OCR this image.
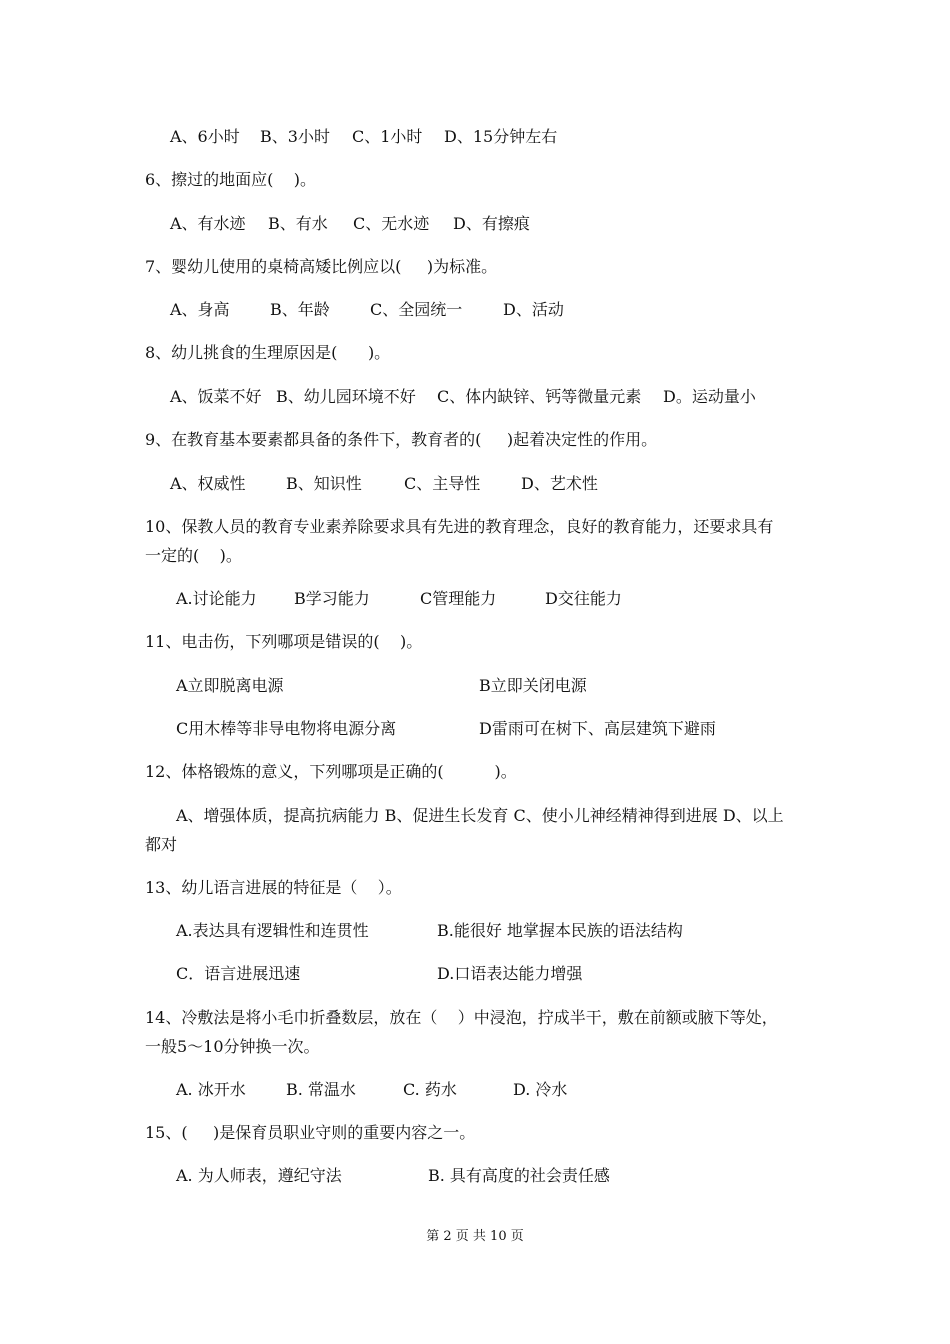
A、6小时 B、3小时 C、1小时 D、15分钟左右
6、擦过的地面应(    )。
A、有水迹 B、有水 C、无水迹 D、有擦痕
7、婴幼儿使用的桌椅高矮比例应以(     )为标准。
A、身高	B、年龄	C、全园统一	D、活动
8、幼儿挑食的生理原因是(      )。
A、饭菜不好 B、幼儿园环境不好 C、体内缺锌、钙等微量元素 D。运动量小
9、在教育基本要素都具备的条件下，教育者的(     )起着决定性的作用。
A、权威性	B、知识性	C、主导性	D、艺术性
10、保教人员的教育专业素养除要求具有先进的教育理念，良好的教育能力，还要求具有
一定的(    )。
A.讨论能力 B学习能力	C管理能力	D交往能力
11、电击伤，下列哪项是错误的(    )。
A立即脱离电源	B立即关闭电源
C用木棒等非导电物将电源分离	D雷雨可在树下、高层建筑下避雨
12、体格锻炼的意义，下列哪项是正确的(          )。
A、增强体质，提高抗病能力 B、促进生长发育 C、使小儿神经精神得到进展 D、以上
都对
13、幼儿语言进展的特征是（    ）。
A.表达具有逻辑性和连贯性	B.能很好 地掌握本民族的语法结构
C．语言进展迅速	D.口语表达能力增强
14、冷敷法是将小毛巾折叠数层，放在（    ）中浸泡，拧成半干，敷在前额或腋下等处，
一般5～10分钟换一次。
A. 冰开水	B. 常温水	C. 药水	D. 冷水
15、(     )是保育员职业守则的重要内容之一。
A. 为人师表，遵纪守法	B. 具有高度的社会责任感
第 2 页 共 10 页
